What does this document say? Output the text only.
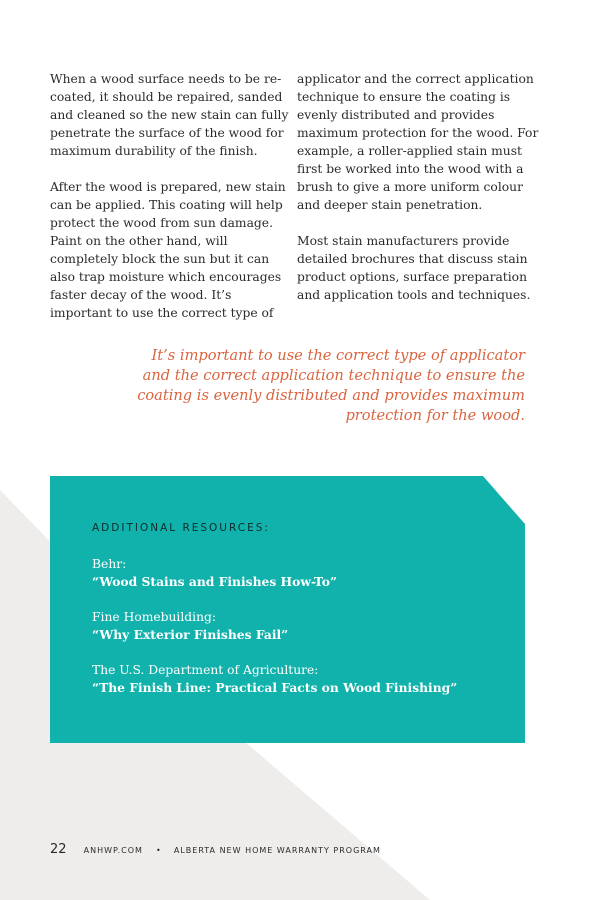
When a wood surface needs to be re-coated, it should be repaired, sanded and cleaned so the new stain can fully penetrate the surface of the wood for maximum durability of the finish.

After the wood is prepared, new stain can be applied. This coating will help protect the wood from sun damage. Paint on the other hand, will completely block the sun but it can also trap moisture which encourages faster decay of the wood. It’s important to use the correct type of

applicator and the correct application technique to ensure the coating is evenly distributed and provides maximum protection for the wood. For example, a roller-applied stain must first be worked into the wood with a brush to give a more uniform colour and deeper stain penetration.

Most stain manufacturers provide detailed brochures that discuss stain product options, surface preparation and application tools and techniques.

It’s important to use the correct type of applicator and the correct application technique to ensure the coating is evenly distributed and provides maximum protection for the wood.
ADDITIONAL RESOURCES:
Behr:
“Wood Stains and Finishes How-To”
Fine Homebuilding:
“Why Exterior Finishes Fail”
The U.S. Department of Agriculture:
“The Finish Line: Practical Facts on Wood Finishing”
22 ANHWP.COM • ALBERTA NEW HOME WARRANTY PROGRAM
